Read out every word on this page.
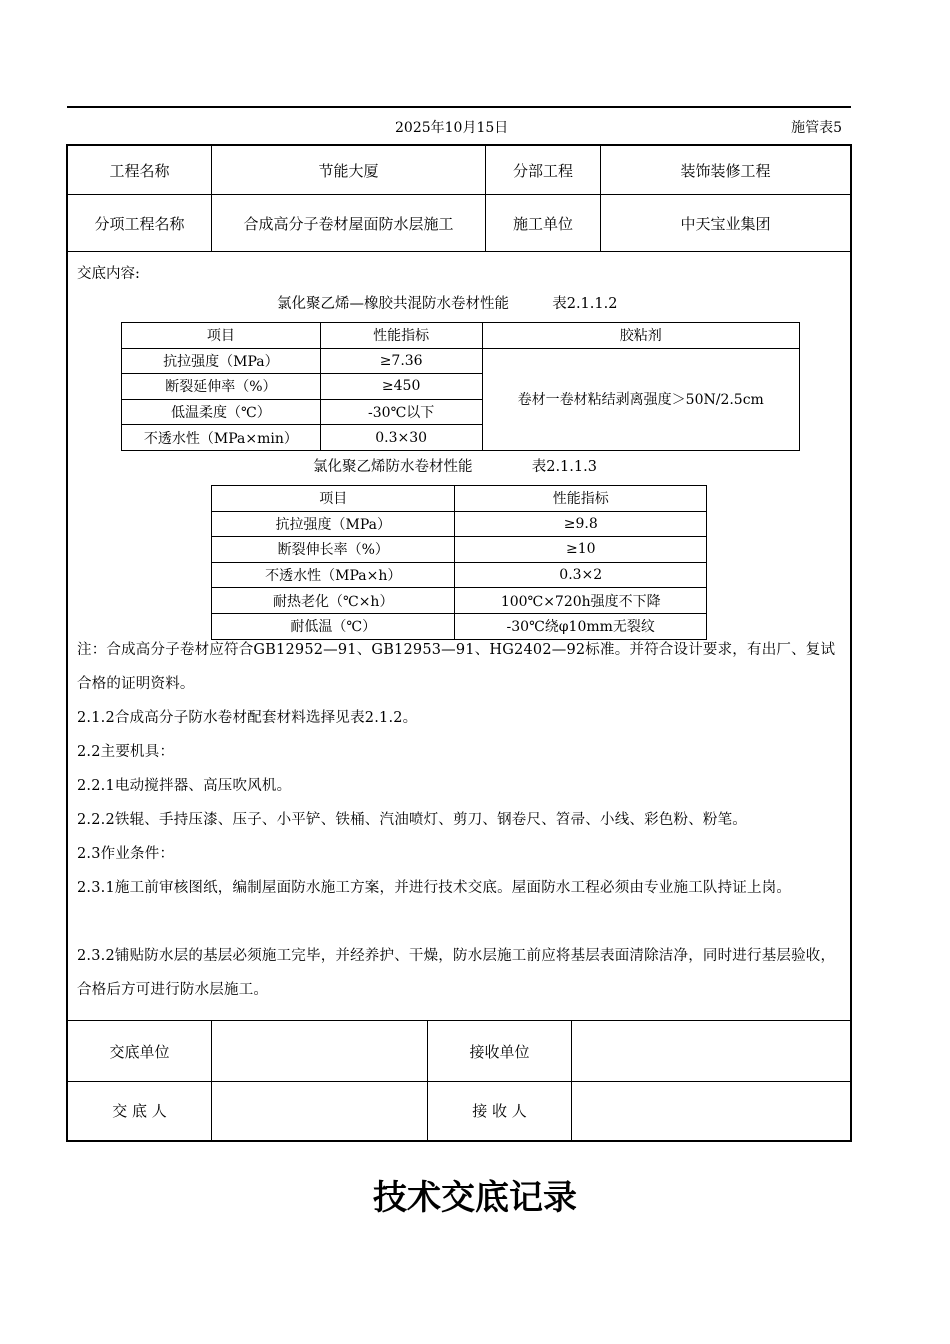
2025年10月15日	施管表5
工程名称	节能大厦	分部工程	装饰装修工程
分项工程名称	合成高分子卷材屋面防水层施工	施工单位	中天宝业集团
交底内容:
氯化聚乙烯—橡胶共混防水卷材性能	表2.1.1.2
项目	性能指标	胶粘剂
抗拉强度（MPa）	≥7.36	卷材一卷材粘结剥离强度＞50N/2.5cm
断裂延伸率（%）	≥450	
低温柔度（℃）	-30℃以下	
不透水性（MPa×min）	0.3×30	
氯化聚乙烯防水卷材性能	表2.1.1.3
项目	性能指标
抗拉强度（MPa）	≥9.8
断裂伸长率（%）	≥10
不透水性（MPa×h）	0.3×2
耐热老化（℃×h）	100℃×720h强度不下降
耐低温（℃）	-30℃绕φ10mm无裂纹
注：合成高分子卷材应符合GB12952—91、GB12953—91、HG2402—92标准。并符合设计要求，有出厂、复试合格的证明资料。
2.1.2合成高分子防水卷材配套材料选择见表2.1.2。
2.2主要机具：
2.2.1电动搅拌器、高压吹风机。
2.2.2铁辊、手持压漆、压子、小平铲、铁桶、汽油喷灯、剪刀、钢卷尺、笤帚、小线、彩色粉、粉笔。
2.3作业条件：
2.3.1施工前审核图纸，编制屋面防水施工方案，并进行技术交底。屋面防水工程必须由专业施工队持证上岗。
2.3.2铺贴防水层的基层必须施工完毕，并经养护、干燥，防水层施工前应将基层表面清除洁净，同时进行基层验收，合格后方可进行防水层施工。
交底单位	接收单位
交 底 人	接 收 人
技术交底记录
